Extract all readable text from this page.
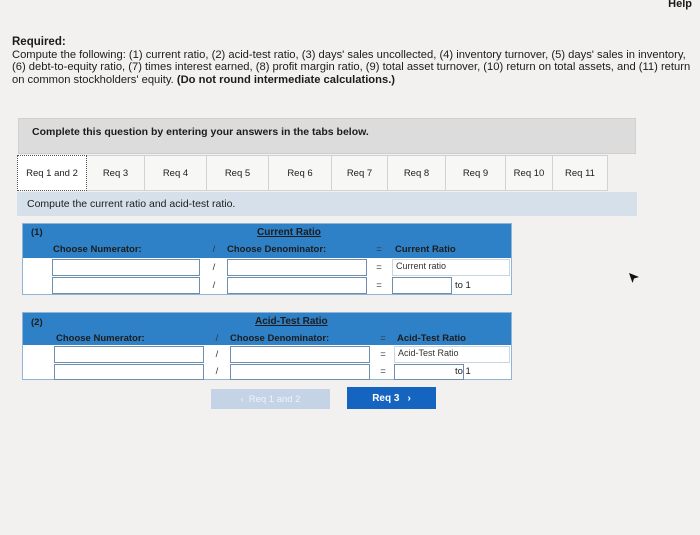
Help
Required:
Compute the following: (1) current ratio, (2) acid-test ratio, (3) days' sales uncollected, (4) inventory turnover, (5) days' sales in inventory, (6) debt-to-equity ratio, (7) times interest earned, (8) profit margin ratio, (9) total asset turnover, (10) return on total assets, and (11) return on common stockholders' equity. (Do not round intermediate calculations.)
Complete this question by entering your answers in the tabs below.
Req 1 and 2	Req 3	Req 4	Req 5	Req 6	Req 7	Req 8	Req 9	Req 10	Req 11
Compute the current ratio and acid-test ratio.
(1)	Current Ratio
Choose Numerator:	/ Choose Denominator:	= Current Ratio
/	=	Current ratio
/	=	to 1
(2)	Acid-Test Ratio
Choose Numerator:	/ Choose Denominator:	= Acid-Test Ratio
/	=	Acid-Test Ratio
/	=	to 1
‹ Req 1 and 2	Req 3 ›
